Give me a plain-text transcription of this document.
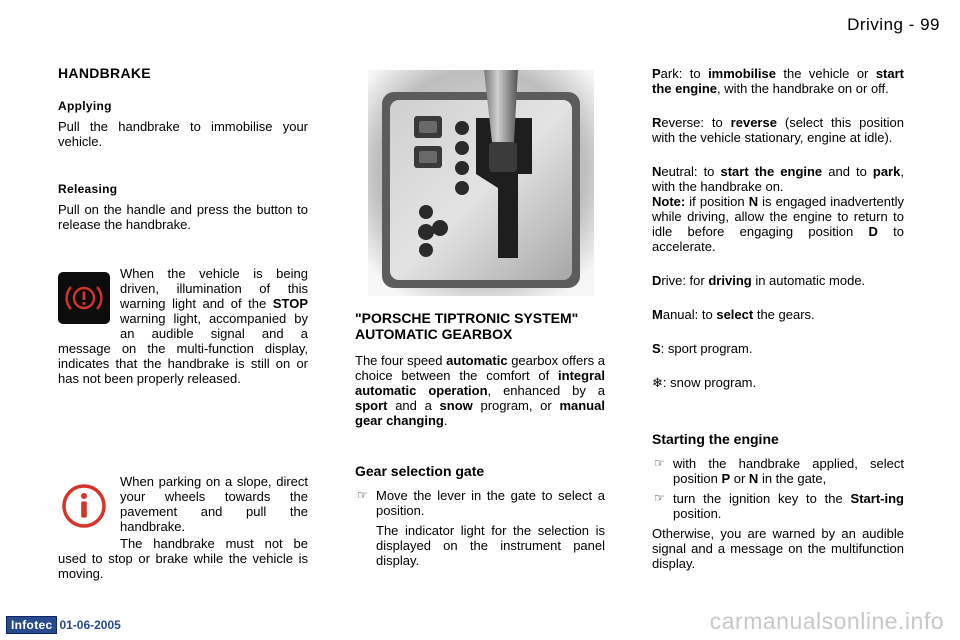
Driving - 99
HANDBRAKE
Applying

Pull the handbrake to immobilise your vehicle.

Releasing

Pull on the handle and press the button to release the handbrake.

When the vehicle is being driven, illumination of this warning light and of the STOP warning light, accompanied by an audible signal and a message on the multi-function display, indicates that the handbrake is still on or has not been properly released.

When parking on a slope, direct your wheels towards the pavement and pull the handbrake.

The handbrake must not be used to stop or brake while the vehicle is moving.

"PORSCHE TIPTRONIC SYSTEM" AUTOMATIC GEARBOX

The four speed automatic gearbox offers a choice between the comfort of integral automatic operation, enhanced by a sport and a snow program, or manual gear changing.

Gear selection gate
☞ Move the lever in the gate to select a position.

The indicator light for the selection is displayed on the instrument panel display.

Park: to immobilise the vehicle or start the engine, with the handbrake on or off.

Reverse: to reverse (select this position with the vehicle stationary, engine at idle).

Neutral: to start the engine and to park, with the handbrake on.

Note: if position N is engaged inadvertently while driving, allow the engine to return to idle before engaging position D to accelerate.

Drive: for driving in automatic mode.

Manual: to select the gears.

S: sport program.

❄: snow program.

Starting the engine
☞ with the handbrake applied, select position P or N in the gate,
☞ turn the ignition key to the Start-ing position.

Otherwise, you are warned by an audible signal and a message on the multifunction display.

Infotec 01-06-2005	carmanualsonline.info
